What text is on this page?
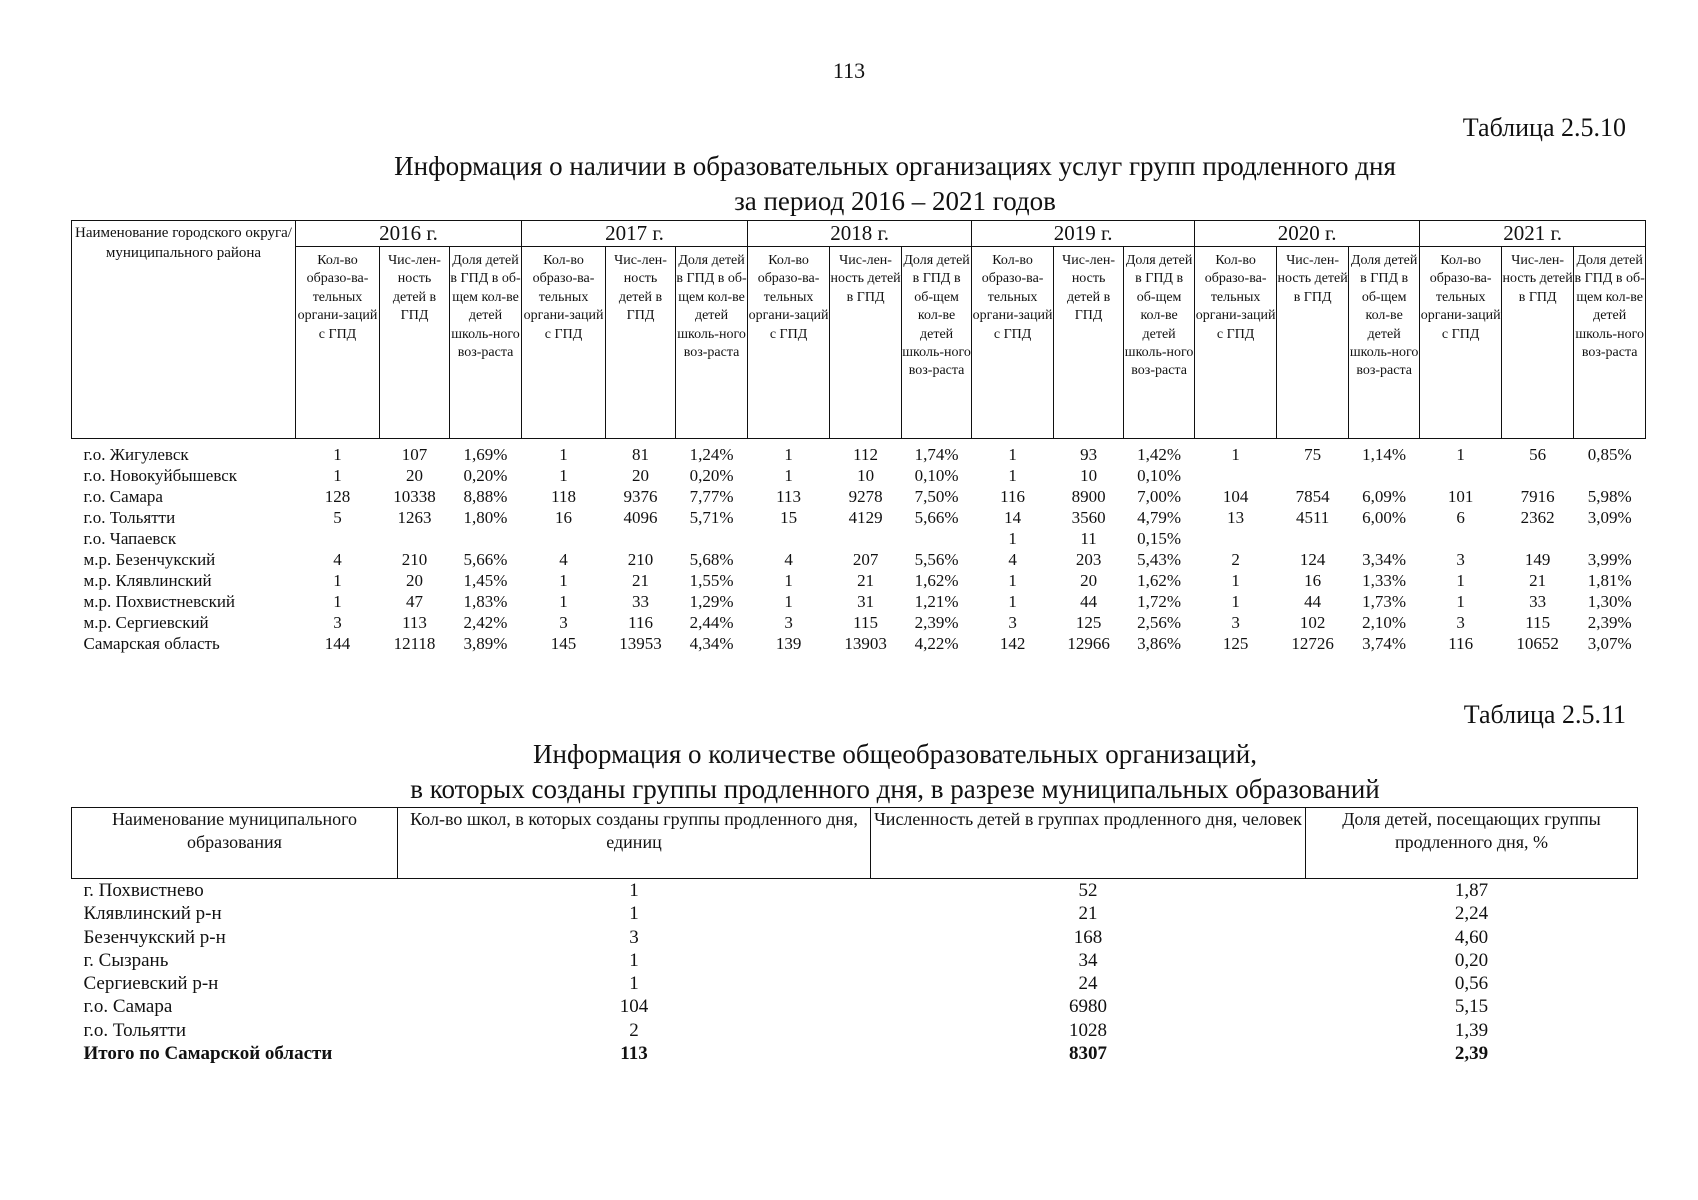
113
Таблица 2.5.10
Информация о наличии в образовательных организациях услуг групп продленного дня
за период 2016 – 2021 годов
Наименование городского округа/ муниципального района	2016 г.			2017 г.			2018 г.			2019 г.			2020 г.			2021 г.		
	Кол-во образо-ва-тельных органи-заций с ГПД	Чис-лен-ность детей в ГПД	Доля детей в ГПД в об-щем кол-ве детей школь-ного воз-раста	Кол-во образо-ва-тельных органи-заций с ГПД	Чис-лен-ность детей в ГПД	Доля детей в ГПД в об-щем кол-ве детей школь-ного воз-раста	Кол-во образо-ва-тельных органи-заций с ГПД	Чис-лен-ность детей в ГПД	Доля детей в ГПД в об-щем кол-ве детей школь-ного воз-раста	Кол-во образо-ва-тельных органи-заций с ГПД	Чис-лен-ность детей в ГПД	Доля детей в ГПД в об-щем кол-ве детей школь-ного воз-раста	Кол-во образо-ва-тельных органи-заций с ГПД	Чис-лен-ность детей в ГПД	Доля детей в ГПД в об-щем кол-ве детей школь-ного воз-раста	Кол-во образо-ва-тельных органи-заций с ГПД	Чис-лен-ность детей в ГПД	Доля детей в ГПД в об-щем кол-ве детей школь-ного воз-раста
г.о. Жигулевск	1	107	1,69%	1	81	1,24%	1	112	1,74%	1	93	1,42%	1	75	1,14%	1	56	0,85%
г.о. Новокуйбышевск	1	20	0,20%	1	20	0,20%	1	10	0,10%	1	10	0,10%						
г.о. Самара	128	10338	8,88%	118	9376	7,77%	113	9278	7,50%	116	8900	7,00%	104	7854	6,09%	101	7916	5,98%
г.о. Тольятти	5	1263	1,80%	16	4096	5,71%	15	4129	5,66%	14	3560	4,79%	13	4511	6,00%	6	2362	3,09%
г.о. Чапаевск										1	11	0,15%						
м.р. Безенчукский	4	210	5,66%	4	210	5,68%	4	207	5,56%	4	203	5,43%	2	124	3,34%	3	149	3,99%
м.р. Клявлинский	1	20	1,45%	1	21	1,55%	1	21	1,62%	1	20	1,62%	1	16	1,33%	1	21	1,81%
м.р. Похвистневский	1	47	1,83%	1	33	1,29%	1	31	1,21%	1	44	1,72%	1	44	1,73%	1	33	1,30%
м.р. Сергиевский	3	113	2,42%	3	116	2,44%	3	115	2,39%	3	125	2,56%	3	102	2,10%	3	115	2,39%
Самарская область	144	12118	3,89%	145	13953	4,34%	139	13903	4,22%	142	12966	3,86%	125	12726	3,74%	116	10652	3,07%
Таблица 2.5.11
Информация о количестве общеобразовательных организаций,
в которых созданы группы продленного дня, в разрезе муниципальных образований
Наименование муниципального образования	Кол-во школ, в которых созданы группы продленного дня, единиц	Численность детей в группах продленного дня, человек	Доля детей, посещающих группы продленного дня, %
г. Похвистнево	1	52	1,87
Клявлинский р-н	1	21	2,24
Безенчукский р-н	3	168	4,60
г. Сызрань	1	34	0,20
Сергиевский р-н	1	24	0,56
г.о. Самара	104	6980	5,15
г.о. Тольятти	2	1028	1,39
Итого по Самарской области	113	8307	2,39
